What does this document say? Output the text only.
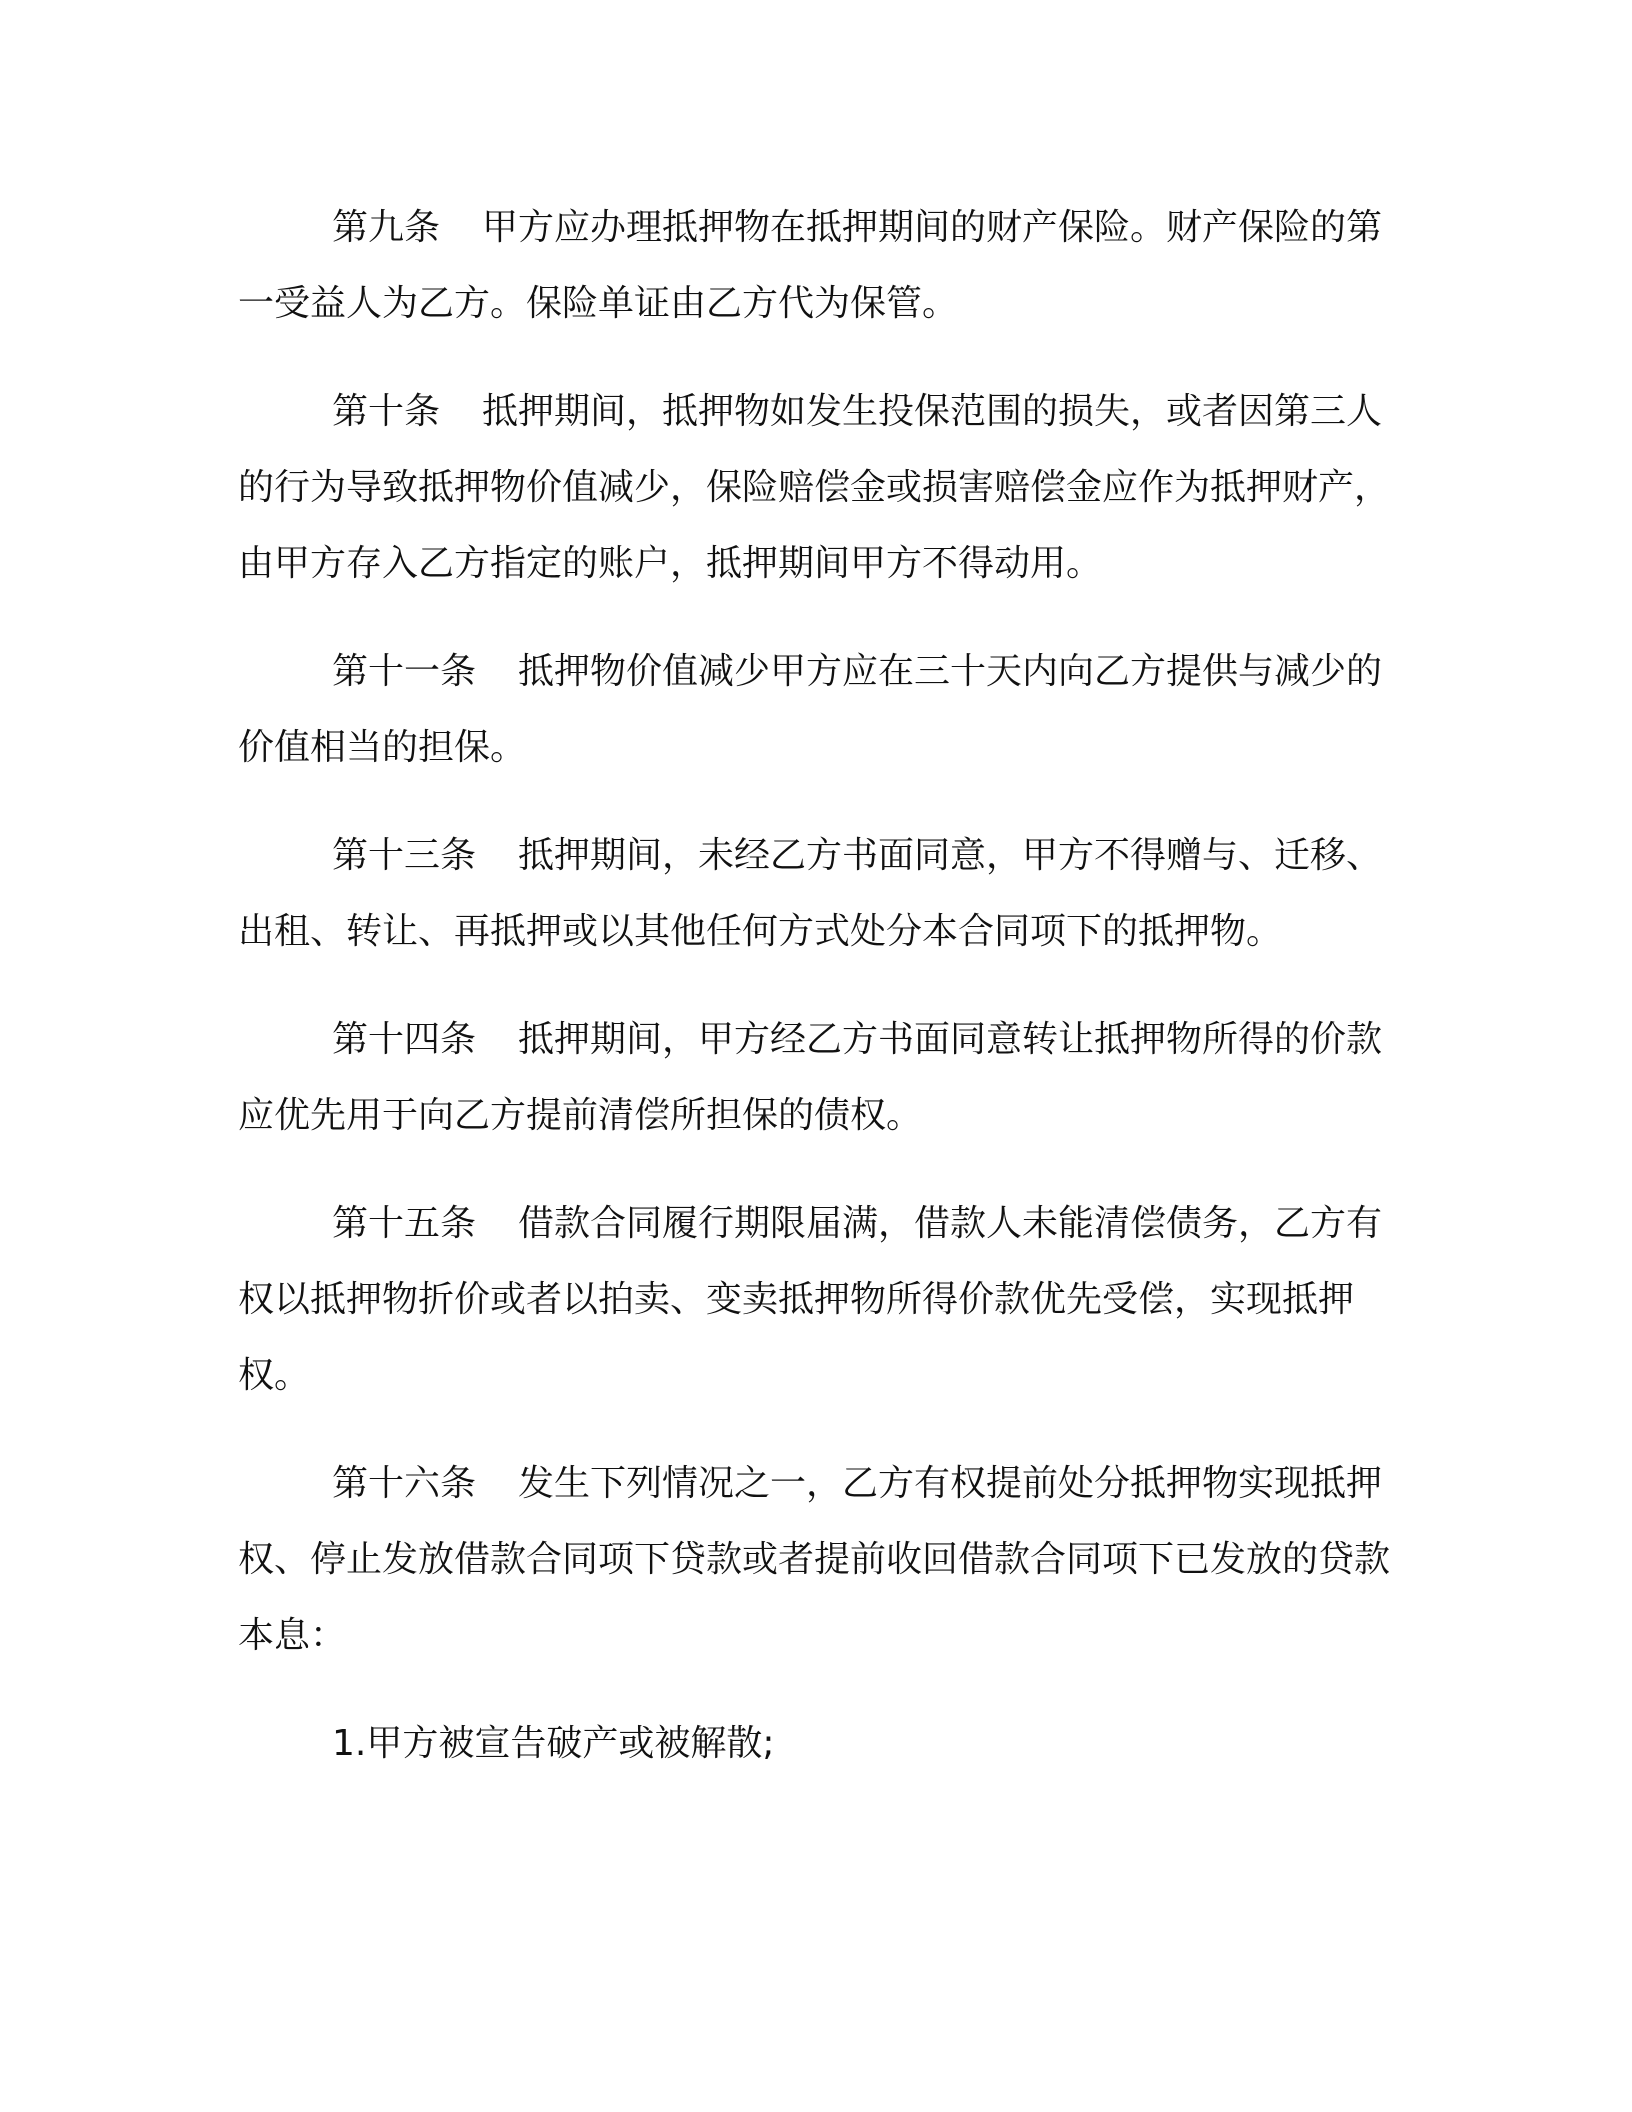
第九条 甲方应办理抵押物在抵押期间的财产保险。财产保险的第一受益人为乙方。保险单证由乙方代为保管。

第十条 抵押期间，抵押物如发生投保范围的损失，或者因第三人的行为导致抵押物价值减少，保险赔偿金或损害赔偿金应作为抵押财产，由甲方存入乙方指定的账户，抵押期间甲方不得动用。

第十一条 抵押物价值减少甲方应在三十天内向乙方提供与减少的价值相当的担保。

第十三条 抵押期间，未经乙方书面同意，甲方不得赠与、迁移、出租、转让、再抵押或以其他任何方式处分本合同项下的抵押物。

第十四条 抵押期间，甲方经乙方书面同意转让抵押物所得的价款应优先用于向乙方提前清偿所担保的债权。

第十五条 借款合同履行期限届满，借款人未能清偿债务，乙方有权以抵押物折价或者以拍卖、变卖抵押物所得价款优先受偿，实现抵押权。

第十六条 发生下列情况之一，乙方有权提前处分抵押物实现抵押权、停止发放借款合同项下贷款或者提前收回借款合同项下已发放的贷款本息：

1.甲方被宣告破产或被解散;
